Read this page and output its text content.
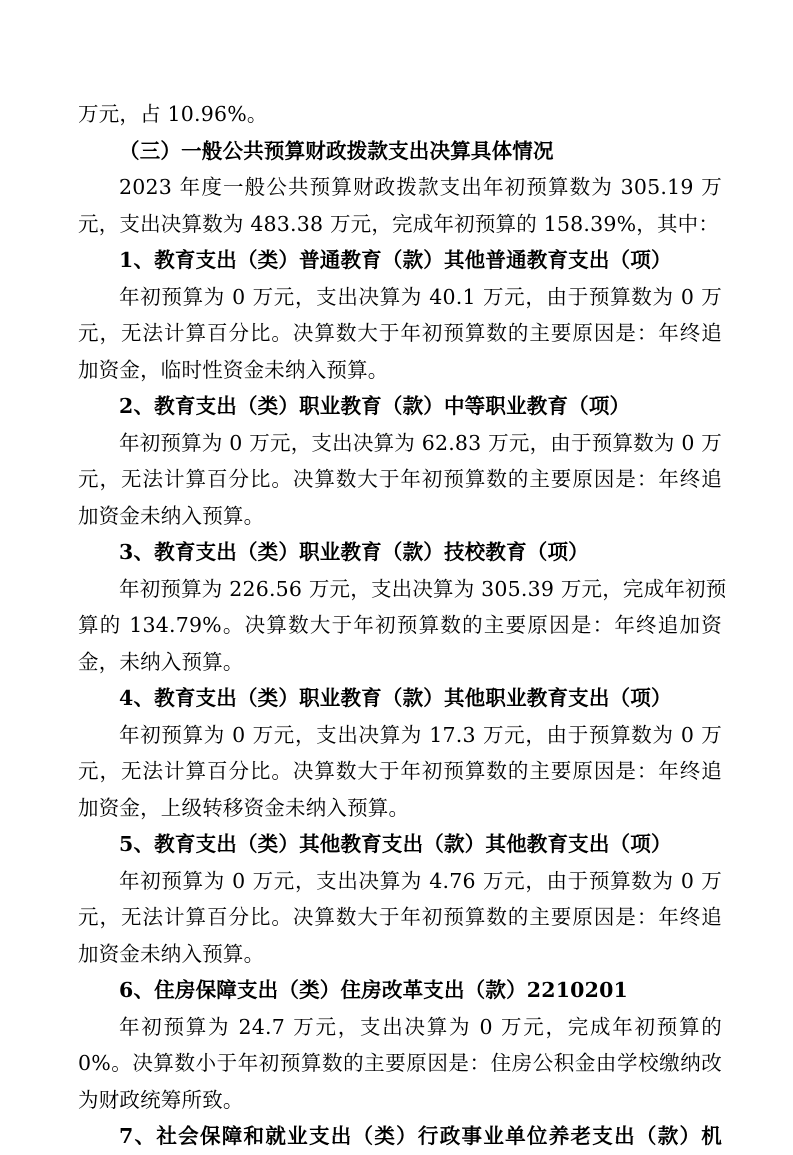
万元，占 10.96%。
（三）一般公共预算财政拨款支出决算具体情况
2023 年度一般公共预算财政拨款支出年初预算数为 305.19 万
元，支出决算数为 483.38 万元，完成年初预算的 158.39%，其中：
1、教育支出（类）普通教育（款）其他普通教育支出（项）
年初预算为 0 万元，支出决算为 40.1 万元，由于预算数为 0 万
元，无法计算百分比。决算数大于年初预算数的主要原因是：年终追
加资金，临时性资金未纳入预算。
2、教育支出（类）职业教育（款）中等职业教育（项）
年初预算为 0 万元，支出决算为 62.83 万元，由于预算数为 0 万
元，无法计算百分比。决算数大于年初预算数的主要原因是：年终追
加资金未纳入预算。
3、教育支出（类）职业教育（款）技校教育（项）
年初预算为 226.56 万元，支出决算为 305.39 万元，完成年初预
算的 134.79%。决算数大于年初预算数的主要原因是：年终追加资
金，未纳入预算。
4、教育支出（类）职业教育（款）其他职业教育支出（项）
年初预算为 0 万元，支出决算为 17.3 万元，由于预算数为 0 万
元，无法计算百分比。决算数大于年初预算数的主要原因是：年终追
加资金，上级转移资金未纳入预算。
5、教育支出（类）其他教育支出（款）其他教育支出（项）
年初预算为 0 万元，支出决算为 4.76 万元，由于预算数为 0 万
元，无法计算百分比。决算数大于年初预算数的主要原因是：年终追
加资金未纳入预算。
6、住房保障支出（类）住房改革支出（款）2210201
年初预算为 24.7 万元，支出决算为 0 万元，完成年初预算的
0%。决算数小于年初预算数的主要原因是：住房公积金由学校缴纳改
为财政统筹所致。
7、社会保障和就业支出（类）行政事业单位养老支出（款）机
